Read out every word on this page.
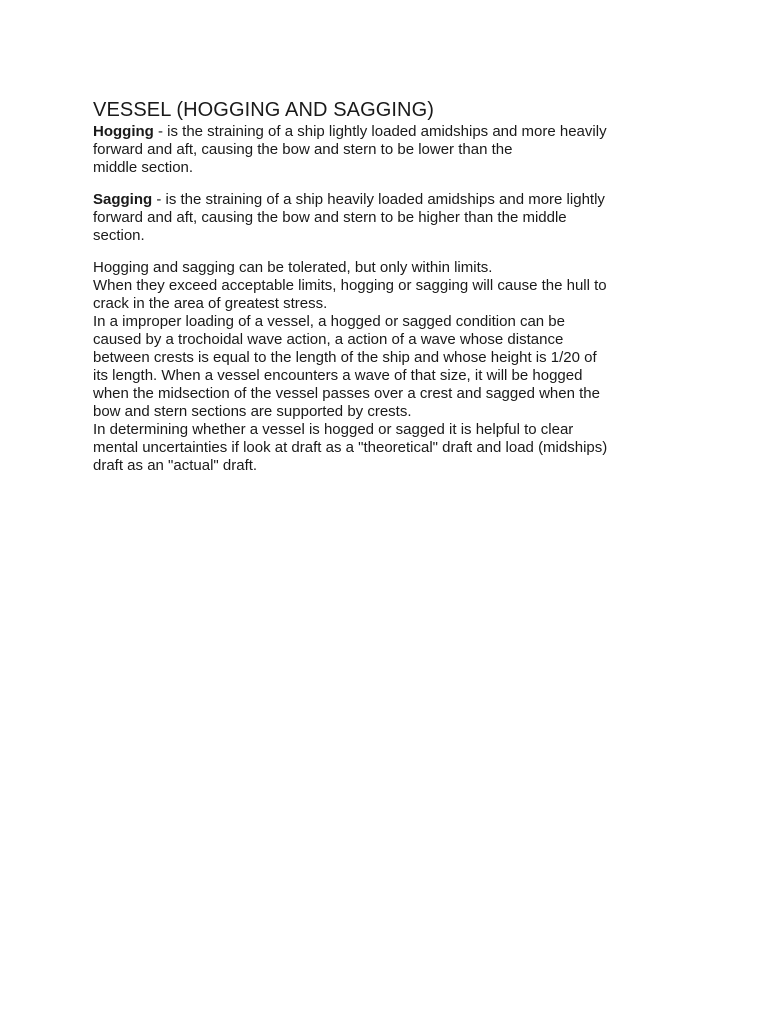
VESSEL (HOGGING AND SAGGING)

Hogging - is the straining of a ship lightly loaded amidships and more heavily

forward and aft, causing the bow and stern to be lower than the

middle section.

Sagging - is the straining of a ship heavily loaded amidships and more lightly

forward and aft, causing the bow and stern to be higher than the middle

section.

Hogging and sagging can be tolerated, but only within limits.

When they exceed acceptable limits, hogging or sagging will cause the hull to

crack in the area of greatest stress.

In a improper loading of a vessel, a hogged or sagged condition can be

caused by a trochoidal wave action, a action of a wave whose distance

between crests is equal to the length of the ship and whose height is 1/20 of

its length. When a vessel encounters a wave of that size, it will be hogged

when the midsection of the vessel passes over a crest and sagged when the

bow and stern sections are supported by crests.

In determining whether a vessel is hogged or sagged it is helpful to clear

mental uncertainties if look at draft as a "theoretical" draft and load (midships)

draft as an "actual" draft.
